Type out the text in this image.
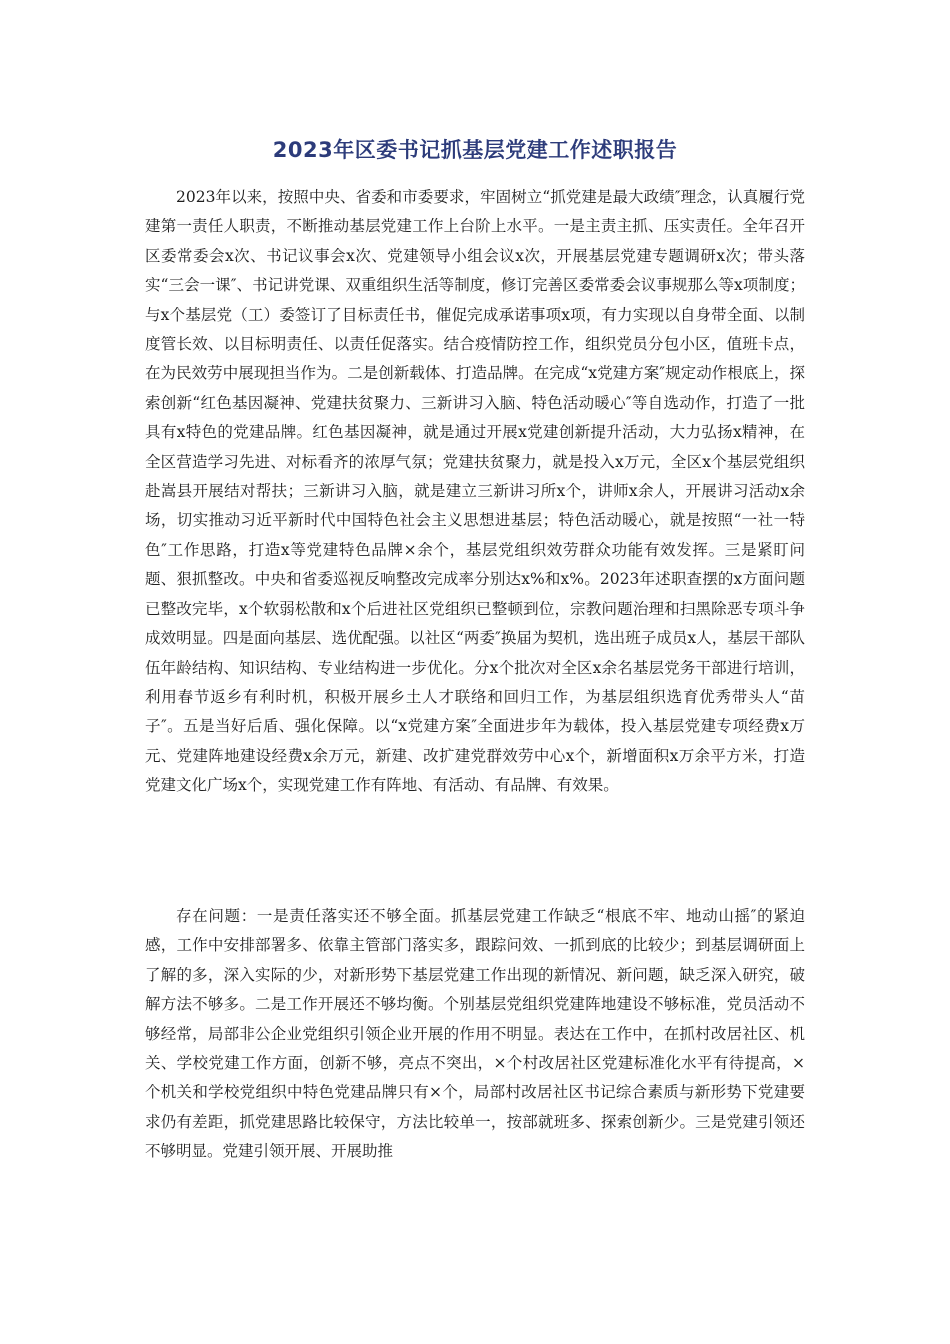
2023年区委书记抓基层党建工作述职报告

2023年以来，按照中央、省委和市委要求，牢固树立“抓党建是最大政绩″理念，认真履行党建第一责任人职责，不断推动基层党建工作上台阶上水平。一是主责主抓、压实责任。全年召开区委常委会x次、书记议事会x次、党建领导小组会议x次，开展基层党建专题调研x次；带头落实“三会一课″、书记讲党课、双重组织生活等制度，修订完善区委常委会议事规那么等x项制度；与x个基层党（工）委签订了目标责任书，催促完成承诺事项x项，有力实现以自身带全面、以制度管长效、以目标明责任、以责任促落实。结合疫情防控工作，组织党员分包小区，值班卡点，在为民效劳中展现担当作为。二是创新载体、打造品牌。在完成“x党建方案″规定动作根底上，探索创新“红色基因凝神、党建扶贫聚力、三新讲习入脑、特色活动暖心″等自选动作，打造了一批具有x特色的党建品牌。红色基因凝神，就是通过开展x党建创新提升活动，大力弘扬x精神，在全区营造学习先进、对标看齐的浓厚气氛；党建扶贫聚力，就是投入x万元，全区x个基层党组织赴嵩县开展结对帮扶；三新讲习入脑，就是建立三新讲习所x个，讲师x余人，开展讲习活动x余场，切实推动习近平新时代中国特色社会主义思想进基层；特色活动暖心，就是按照“一社一特色″工作思路，打造x等党建特色品牌×余个，基层党组织效劳群众功能有效发挥。三是紧盯问题、狠抓整改。中央和省委巡视反响整改完成率分别达x%和x%。2023年述职查摆的x方面问题已整改完毕，x个软弱松散和x个后进社区党组织已整顿到位，宗教问题治理和扫黑除恶专项斗争成效明显。四是面向基层、选优配强。以社区“两委″换届为契机，选出班子成员x人，基层干部队伍年龄结构、知识结构、专业结构进一步优化。分x个批次对全区x余名基层党务干部进行培训，利用春节返乡有利时机，积极开展乡土人才联络和回归工作，为基层组织选育优秀带头人“苗子″。五是当好后盾、强化保障。以“x党建方案″全面进步年为载体，投入基层党建专项经费x万元、党建阵地建设经费x余万元，新建、改扩建党群效劳中心x个，新增面积x万余平方米，打造党建文化广场x个，实现党建工作有阵地、有活动、有品牌、有效果。

存在问题：一是责任落实还不够全面。抓基层党建工作缺乏“根底不牢、地动山摇″的紧迫感，工作中安排部署多、依靠主管部门落实多，跟踪问效、一抓到底的比较少；到基层调研面上了解的多，深入实际的少，对新形势下基层党建工作出现的新情况、新问题，缺乏深入研究，破解方法不够多。二是工作开展还不够均衡。个别基层党组织党建阵地建设不够标准，党员活动不够经常，局部非公企业党组织引领企业开展的作用不明显。表达在工作中，在抓村改居社区、机关、学校党建工作方面，创新不够，亮点不突出，×个村改居社区党建标准化水平有待提高，×个机关和学校党组织中特色党建品牌只有×个，局部村改居社区书记综合素质与新形势下党建要求仍有差距，抓党建思路比较保守，方法比较单一，按部就班多、探索创新少。三是党建引领还不够明显。党建引领开展、开展助推
